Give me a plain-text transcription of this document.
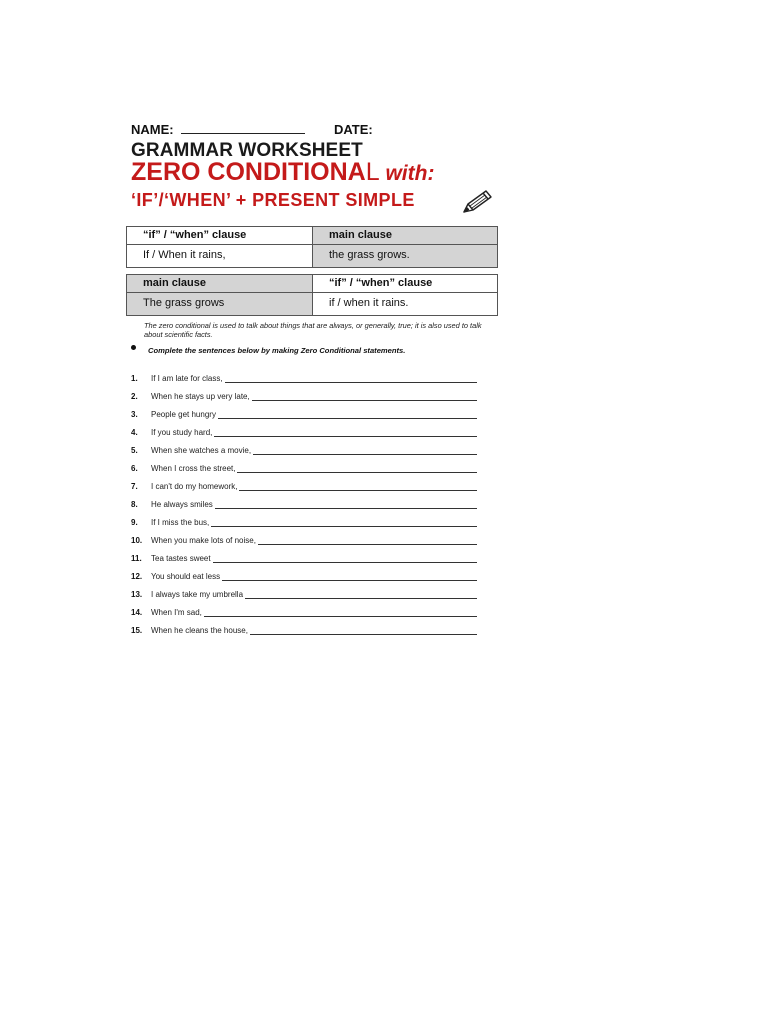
NAME:	DATE:
GRAMMAR WORKSHEET
ZERO CONDITIONAL with:
‘IF’/‘WHEN’ + PRESENT SIMPLE
“if” / “when” clause	main clause
If / When it rains,	the grass grows.
main clause	“if” / “when” clause
The grass grows	if / when it rains.
The zero conditional is used to talk about things that are always, or generally, true; it is also used to talk about scientific facts.
Complete the sentences below by making Zero Conditional statements.
1.	If I am late for class,
2.	When he stays up very late,
3.	People get hungry
4.	If you study hard,
5.	When she watches a movie,
6.	When I cross the street,
7.	I can't do my homework,
8.	He always smiles
9.	If I miss the bus,
10.	When you make lots of noise,
11.	Tea tastes sweet
12.	You should eat less
13.	I always take my umbrella
14.	When I'm sad,
15.	When he cleans the house,
